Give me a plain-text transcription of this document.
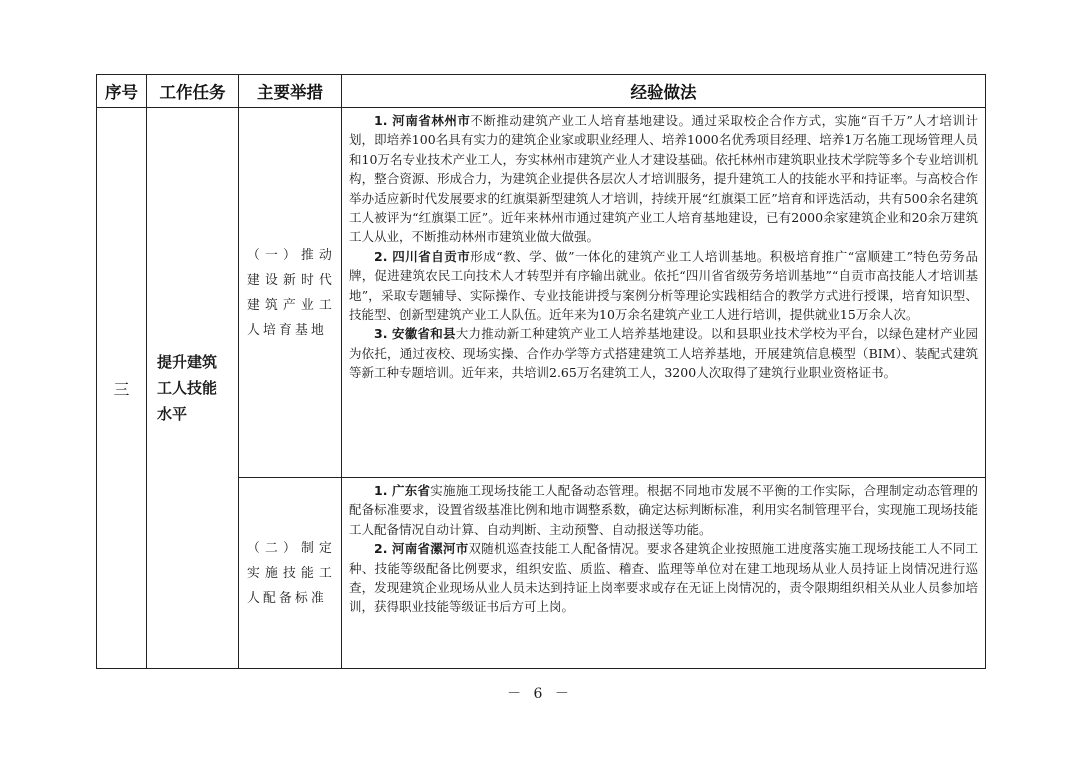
序号	工作任务	主要举措	经验做法
三	提升建筑工人技能水平	（一）推动建设新时代建筑产业工人培育基地	1. 河南省林州市不断推动建筑产业工人培育基地建设。通过采取校企合作方式，实施“百千万”人才培训计划，即培养100名具有实力的建筑企业家或职业经理人、培养1000名优秀项目经理、培养1万名施工现场管理人员和10万名专业技术产业工人，夯实林州市建筑产业人才建设基础。依托林州市建筑职业技术学院等多个专业培训机构，整合资源、形成合力，为建筑企业提供各层次人才培训服务，提升建筑工人的技能水平和持证率。与高校合作举办适应新时代发展要求的红旗渠新型建筑人才培训，持续开展“红旗渠工匠”培育和评选活动，共有500余名建筑工人被评为“红旗渠工匠”。近年来林州市通过建筑产业工人培育基地建设，已有2000余家建筑企业和20余万建筑工人从业，不断推动林州市建筑业做大做强。

2. 四川省自贡市形成“教、学、做”一体化的建筑产业工人培训基地。积极培育推广“富顺建工”特色劳务品牌，促进建筑农民工向技术人才转型并有序输出就业。依托“四川省省级劳务培训基地”“自贡市高技能人才培训基地”，采取专题辅导、实际操作、专业技能讲授与案例分析等理论实践相结合的教学方式进行授课，培育知识型、技能型、创新型建筑产业工人队伍。近年来为10万余名建筑产业工人进行培训，提供就业15万余人次。

3. 安徽省和县大力推动新工种建筑产业工人培养基地建设。以和县职业技术学校为平台，以绿色建材产业园为依托，通过夜校、现场实操、合作办学等方式搭建建筑工人培养基地，开展建筑信息模型（BIM）、装配式建筑等新工种专题培训。近年来，共培训2.65万名建筑工人，3200人次取得了建筑行业职业资格证书。

		（二）制定实施技能工人配备标准	1. 广东省实施施工现场技能工人配备动态管理。根据不同地市发展不平衡的工作实际，合理制定动态管理的配备标准要求，设置省级基准比例和地市调整系数，确定达标判断标准，利用实名制管理平台，实现施工现场技能工人配备情况自动计算、自动判断、主动预警、自动报送等功能。

2. 河南省漯河市双随机巡查技能工人配备情况。要求各建筑企业按照施工进度落实施工现场技能工人不同工种、技能等级配备比例要求，组织安监、质监、稽查、监理等单位对在建工地现场从业人员持证上岗情况进行巡查，发现建筑企业现场从业人员未达到持证上岗率要求或存在无证上岗情况的，责令限期组织相关从业人员参加培训，获得职业技能等级证书后方可上岗。

－ 6 －
